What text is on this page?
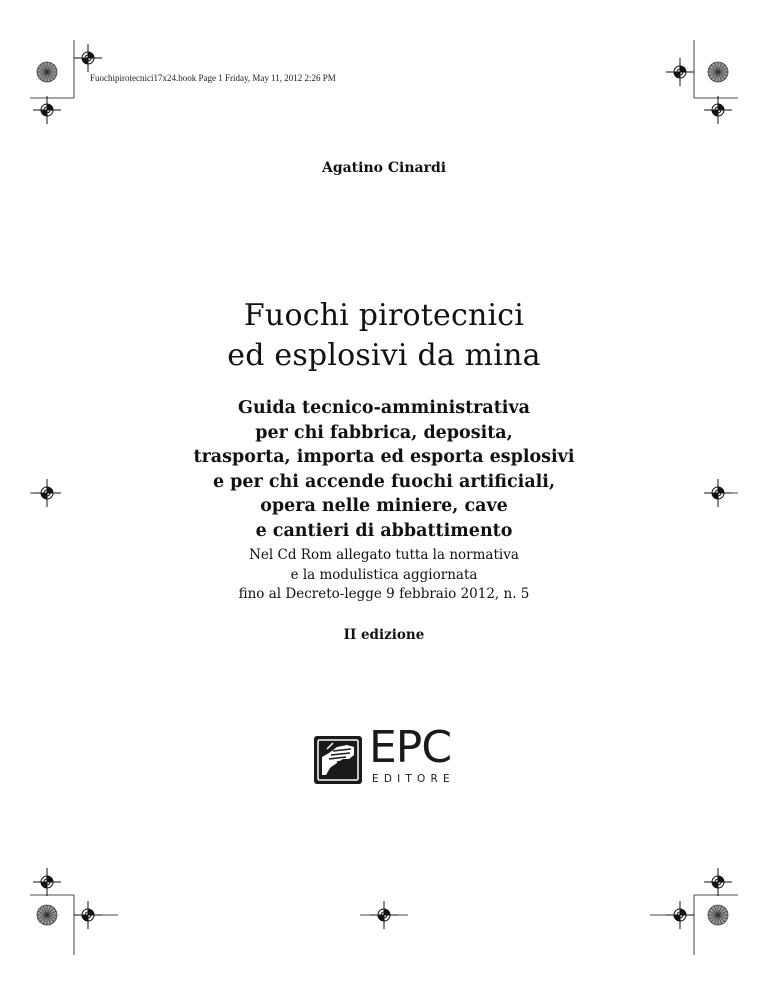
Fuochipirotecnici17x24.book Page 1 Friday, May 11, 2012 2:26 PM
Agatino Cinardi
Fuochi pirotecnici
ed esplosivi da mina
Guida tecnico-amministrativa
per chi fabbrica, deposita,
trasporta, importa ed esporta esplosivi
e per chi accende fuochi artificiali,
opera nelle miniere, cave
e cantieri di abbattimento
Nel Cd Rom allegato tutta la normativa
e la modulistica aggiornata
fino al Decreto-legge 9 febbraio 2012, n. 5
II edizione
EPC
EDITORE
